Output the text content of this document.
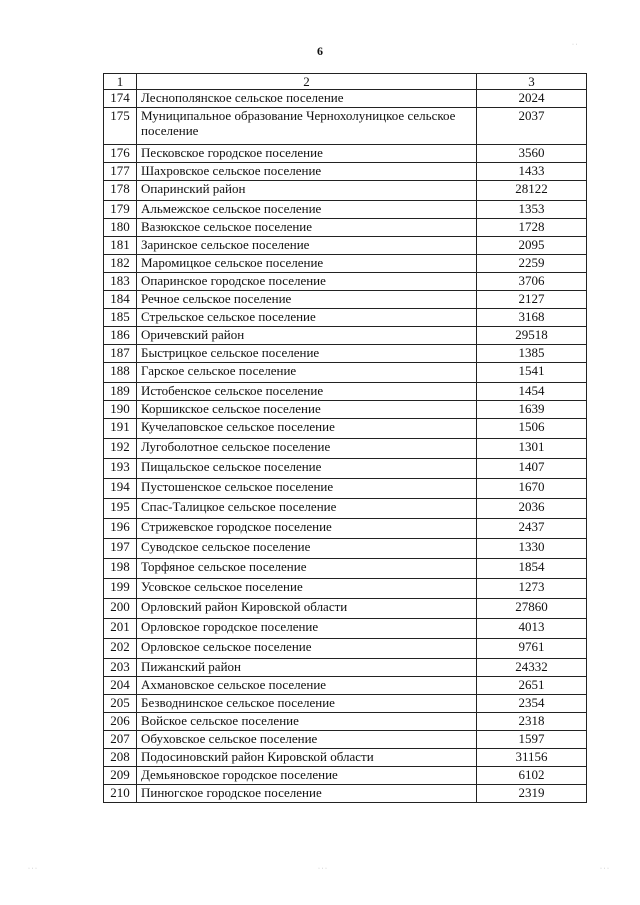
6
1	2	3
174	Леснополянское сельское поселение	2024
175	Муниципальное образование Чернохолуницкое сельское поселение	2037
176	Песковское городское поселение	3560
177	Шахровское сельское поселение	1433
178	Опаринский район	28122
179	Альмежское сельское поселение	1353
180	Вазюкское сельское поселение	1728
181	Заринское сельское поселение	2095
182	Маромицкое сельское поселение	2259
183	Опаринское городское поселение	3706
184	Речное сельское поселение	2127
185	Стрельское сельское поселение	3168
186	Оричевский район	29518
187	Быстрицкое сельское поселение	1385
188	Гарское сельское поселение	1541
189	Истобенское сельское поселение	1454
190	Коршикское сельское поселение	1639
191	Кучелаповское сельское поселение	1506
192	Лугоболотное сельское поселение	1301
193	Пищальское сельское поселение	1407
194	Пустошенское сельское поселение	1670
195	Спас-Талицкое сельское поселение	2036
196	Стрижевское городское поселение	2437
197	Суводское сельское поселение	1330
198	Торфяное сельское поселение	1854
199	Усовское сельское поселение	1273
200	Орловский район Кировской области	27860
201	Орловское городское поселение	4013
202	Орловское сельское поселение	9761
203	Пижанский район	24332
204	Ахмановское сельское поселение	2651
205	Безводнинское сельское поселение	2354
206	Войское сельское поселение	2318
207	Обуховское сельское поселение	1597
208	Подосиновский район Кировской области	31156
209	Демьяновское городское поселение	6102
210	Пинюгское городское поселение	2319
· · ·	· · ·	· · ·
· ·
